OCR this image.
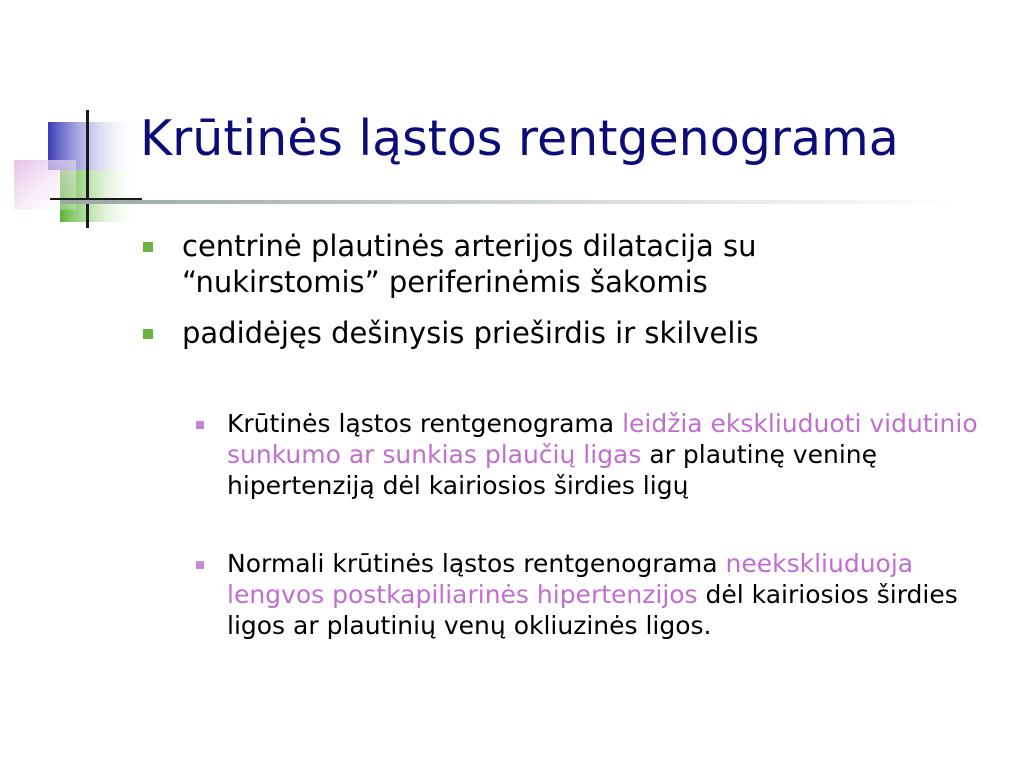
Krūtinės ląstos rentgenograma
centrinė plautinės arterijos dilatacija su “nukirstomis” periferinėmis šakomis
padidėjęs dešinysis prieširdis ir skilvelis
Krūtinės ląstos rentgenograma leidžia ekskliuduoti vidutinio sunkumo ar sunkias plaučių ligas ar plautinę veninę hipertenziją dėl kairiosios širdies ligų
Normali krūtinės ląstos rentgenograma neekskliuduoja lengvos postkapiliarinės hipertenzijos dėl kairiosios širdies ligos ar plautinių venų okliuzinės ligos.
